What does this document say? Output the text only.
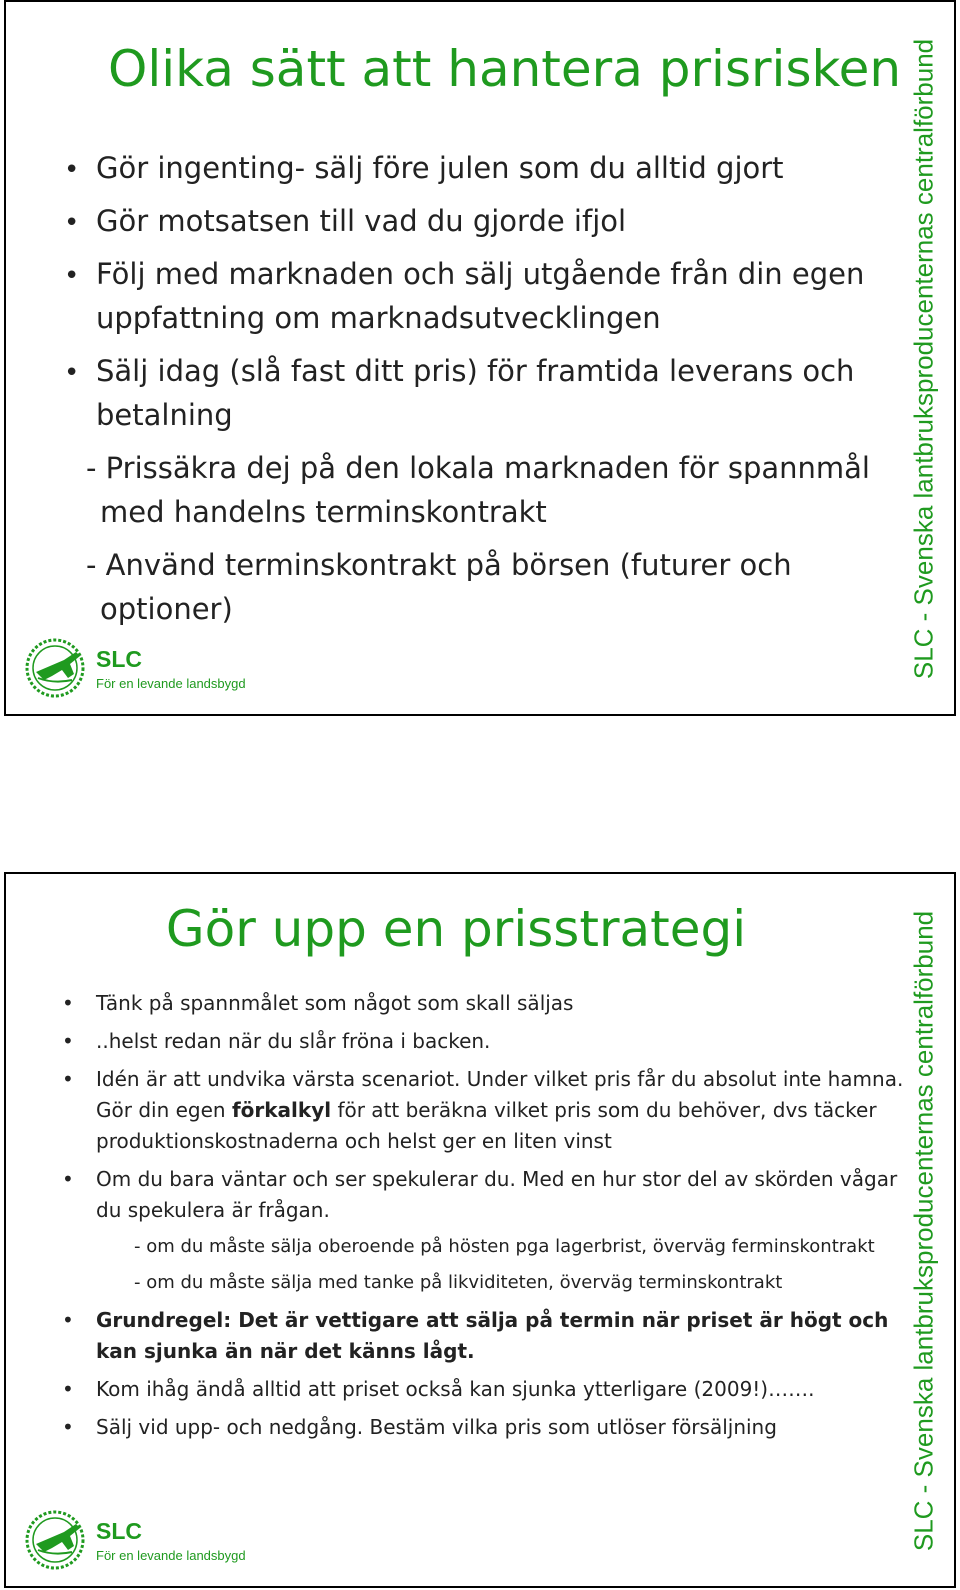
Olika sätt att hantera prisrisken
• Gör ingenting- sälj före julen som du alltid gjort
• Gör motsatsen till vad du gjorde ifjol
• Följ med marknaden och sälj utgående från din egen uppfattning om marknadsutvecklingen
• Sälj idag (slå fast ditt pris) för framtida leverans och betalning
- Prissäkra dej på den lokala marknaden för spannmål med handelns terminskontrakt
- Använd terminskontrakt på börsen (futurer och optioner)
SLC
För en levande landsbygd
SLC - Svenska lantbruksproducenternas centralförbund
Gör upp en prisstrategi
• Tänk på spannmålet som något som skall säljas
• ..helst redan när du slår fröna i backen.
• Idén är att undvika värsta scenariot. Under vilket pris får du absolut inte hamna. Gör din egen förkalkyl för att beräkna vilket pris som du behöver, dvs täcker produktionskostnaderna och helst ger en liten vinst
• Om du bara väntar och ser spekulerar du. Med en hur stor del av skörden vågar du spekulera är frågan.
- om du måste sälja oberoende på hösten pga lagerbrist, överväg ferminskontrakt
- om du måste sälja med tanke på likviditeten, överväg terminskontrakt
• Grundregel: Det är vettigare att sälja på termin när priset är högt och kan sjunka än när det känns lågt.
• Kom ihåg ändå alltid att priset också kan sjunka ytterligare (2009!)…….
• Sälj vid upp- och nedgång. Bestäm vilka pris som utlöser försäljning
SLC
För en levande landsbygd
SLC - Svenska lantbruksproducenternas centralförbund
